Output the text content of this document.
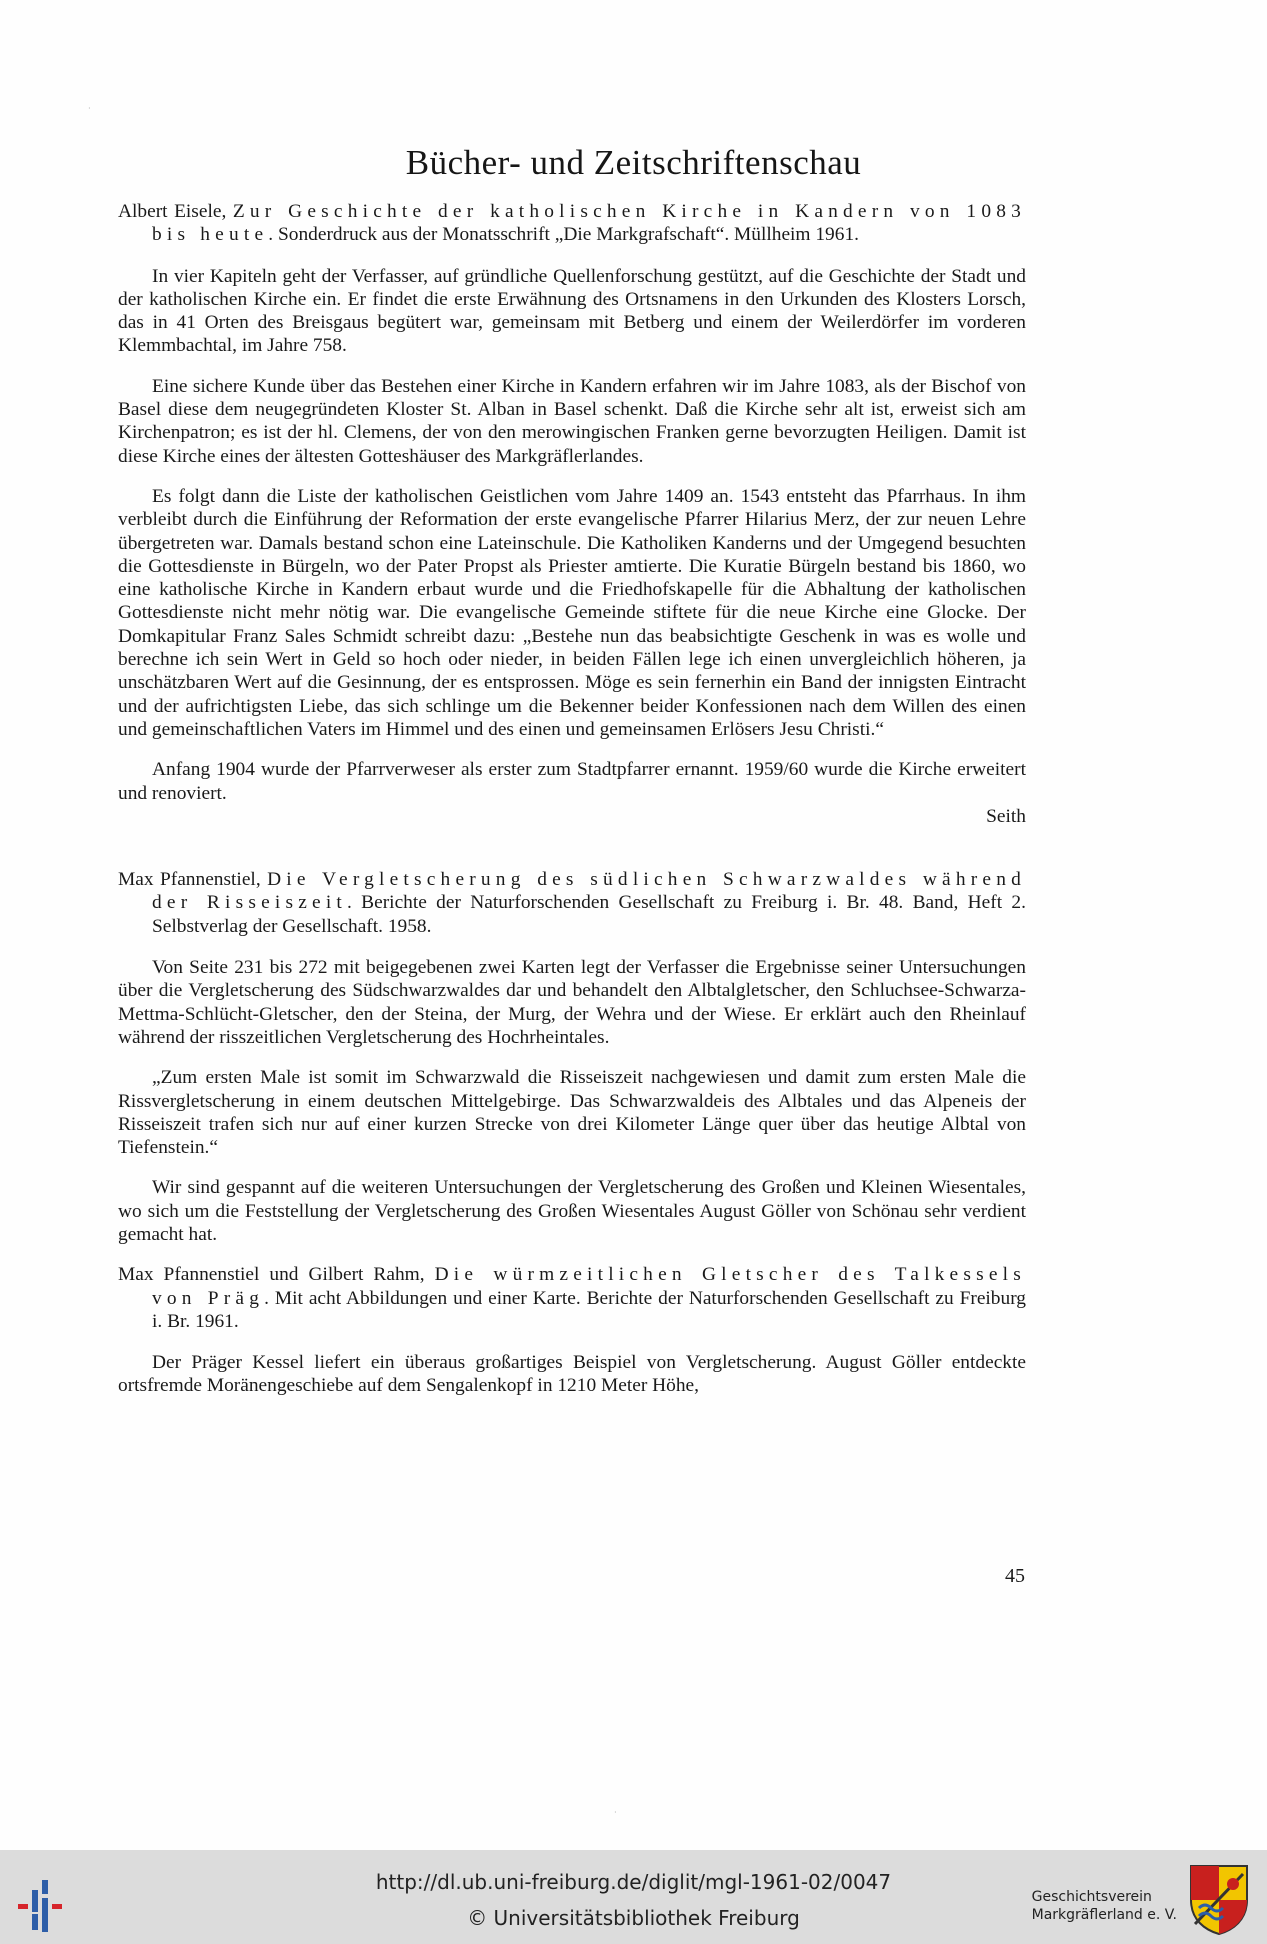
·
·
Bücher- und Zeitschriftenschau

Albert Eisele, Zur Geschichte der katholischen Kirche in Kandern von 1083 bis heute. Sonderdruck aus der Monatsschrift „Die Markgrafschaft“. Müllheim 1961.

In vier Kapiteln geht der Verfasser, auf gründliche Quellenforschung gestützt, auf die Geschichte der Stadt und der katholischen Kirche ein. Er findet die erste Erwähnung des Ortsnamens in den Urkunden des Klosters Lorsch, das in 41 Orten des Breisgaus begütert war, gemeinsam mit Betberg und einem der Weilerdörfer im vorderen Klemmbachtal, im Jahre 758.

Eine sichere Kunde über das Bestehen einer Kirche in Kandern erfahren wir im Jahre 1083, als der Bischof von Basel diese dem neugegründeten Kloster St. Alban in Basel schenkt. Daß die Kirche sehr alt ist, erweist sich am Kirchenpatron; es ist der hl. Clemens, der von den merowingischen Franken gerne bevorzugten Heiligen. Damit ist diese Kirche eines der ältesten Gotteshäuser des Markgräflerlandes.

Es folgt dann die Liste der katholischen Geistlichen vom Jahre 1409 an. 1543 entsteht das Pfarrhaus. In ihm verbleibt durch die Einführung der Reformation der erste evangelische Pfarrer Hilarius Merz, der zur neuen Lehre übergetreten war. Damals bestand schon eine Lateinschule. Die Katholiken Kanderns und der Umgegend besuchten die Gottesdienste in Bürgeln, wo der Pater Propst als Priester amtierte. Die Kuratie Bürgeln bestand bis 1860, wo eine katholische Kirche in Kandern erbaut wurde und die Friedhofskapelle für die Abhaltung der katholischen Gottesdienste nicht mehr nötig war. Die evangelische Gemeinde stiftete für die neue Kirche eine Glocke. Der Domkapitular Franz Sales Schmidt schreibt dazu: „Bestehe nun das beabsichtigte Geschenk in was es wolle und berechne ich sein Wert in Geld so hoch oder nieder, in beiden Fällen lege ich einen unvergleichlich höheren, ja unschätzbaren Wert auf die Gesinnung, der es entsprossen. Möge es sein fernerhin ein Band der innigsten Eintracht und der aufrichtigsten Liebe, das sich schlinge um die Bekenner beider Konfessionen nach dem Willen des einen und gemeinschaftlichen Vaters im Himmel und des einen und gemeinsamen Erlösers Jesu Christi.“

Anfang 1904 wurde der Pfarrverweser als erster zum Stadtpfarrer ernannt. 1959/60 wurde die Kirche erweitert und renoviert.

Seith

Max Pfannenstiel, Die Vergletscherung des südlichen Schwarzwaldes während der Risseiszeit. Berichte der Naturforschenden Gesellschaft zu Freiburg i. Br. 48. Band, Heft 2. Selbstverlag der Gesellschaft. 1958.

Von Seite 231 bis 272 mit beigegebenen zwei Karten legt der Verfasser die Ergebnisse seiner Untersuchungen über die Vergletscherung des Südschwarzwaldes dar und behandelt den Albtalgletscher, den Schluchsee-Schwarza-Mettma-Schlücht-Gletscher, den der Steina, der Murg, der Wehra und der Wiese. Er erklärt auch den Rheinlauf während der risszeitlichen Vergletscherung des Hochrheintales.

„Zum ersten Male ist somit im Schwarzwald die Risseiszeit nachgewiesen und damit zum ersten Male die Rissvergletscherung in einem deutschen Mittelgebirge. Das Schwarzwaldeis des Albtales und das Alpeneis der Risseiszeit trafen sich nur auf einer kurzen Strecke von drei Kilometer Länge quer über das heutige Albtal von Tiefenstein.“

Wir sind gespannt auf die weiteren Untersuchungen der Vergletscherung des Großen und Kleinen Wiesentales, wo sich um die Feststellung der Vergletscherung des Großen Wiesentales August Göller von Schönau sehr verdient gemacht hat.

Max Pfannenstiel und Gilbert Rahm, Die würmzeitlichen Gletscher des Talkessels von Präg. Mit acht Abbildungen und einer Karte. Berichte der Naturforschenden Gesellschaft zu Freiburg i. Br. 1961.

Der Präger Kessel liefert ein überaus großartiges Beispiel von Vergletscherung. August Göller entdeckte ortsfremde Moränengeschiebe auf dem Sengalenkopf in 1210 Meter Höhe,

45
http://dl.ub.uni-freiburg.de/diglit/mgl-1961-02/0047
© Universitätsbibliothek Freiburg
Geschichtsverein
Markgräflerland e. V.
